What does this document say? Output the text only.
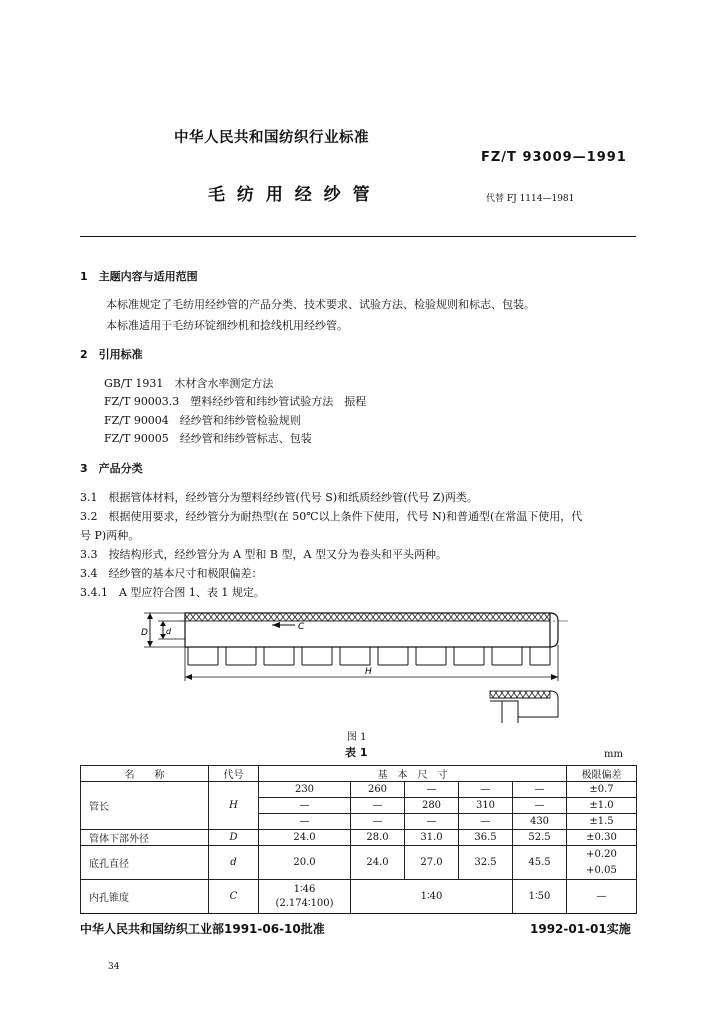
中华人民共和国纺织行业标准
FZ/T 93009—1991
毛 纺 用 经 纱 管	代替 FJ 1114—1981
1　主题内容与适用范围
本标准规定了毛纺用经纱管的产品分类、技术要求、试验方法、检验规则和标志、包装。
本标准适用于毛纺环锭细纱机和捻线机用经纱管。
2　引用标准
GB/T 1931　木材含水率测定方法
FZ/T 90003.3　塑料经纱管和纬纱管试验方法　振程
FZ/T 90004　经纱管和纬纱管检验规则
FZ/T 90005　经纱管和纬纱管标志、包装
3　产品分类
3.1　根据管体材料，经纱管分为塑料经纱管(代号 S)和纸质经纱管(代号 Z)两类。
3.2　根据使用要求，经纱管分为耐热型(在 50℃以上条件下使用，代号 N)和普通型(在常温下使用，代
号 P)两种。
3.3　按结构形式，经纱管分为 A 型和 B 型，A 型又分为卷头和平头两种。
3.4　经纱管的基本尺寸和极限偏差：
3.4.1　A 型应符合图 1、表 1 规定。
D d	C
H
图 1
表 1	mm
名　　称	代号	基　本　尺　寸					极限偏差
管长	H	230	260	—	—	—	±0.7
		—	—	280	310	—	±1.0
		—	—	—	—	430	±1.5
管体下部外径	D	24.0	28.0	31.0	36.5	52.5	±0.30
底孔直径	d	20.0	24.0	27.0	32.5	45.5	+0.20
+0.05

内孔锥度	C	1∶46
(2.174∶100)	1∶40			1∶50	—
中华人民共和国纺织工业部1991-06-10批准	1992-01-01实施
34
